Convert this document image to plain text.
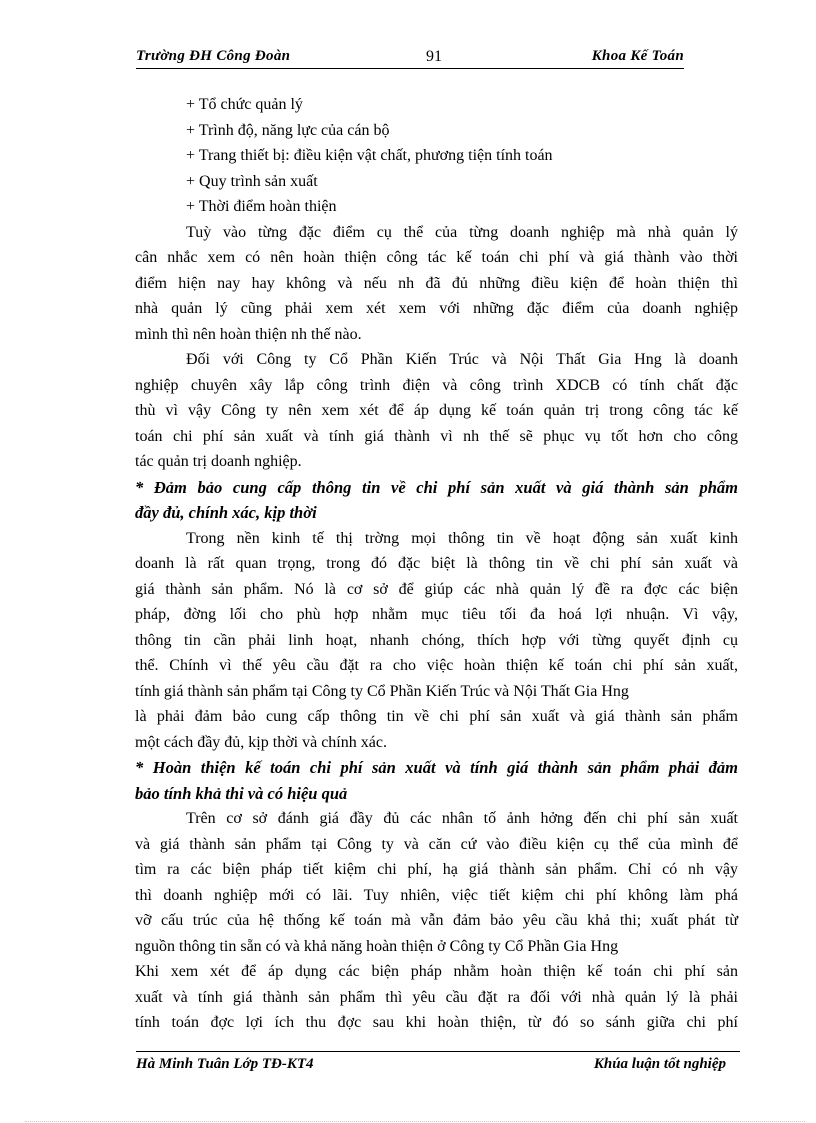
Trường ĐH Công Đoàn	91	Khoa Kế Toán
+ Tổ chức quản lý
+ Trình độ, năng lực của cán bộ
+ Trang thiết bị: điều kiện vật chất, phương tiện tính toán
+ Quy trình sản xuất
+ Thời điểm hoàn thiện
Tuỳ vào từng đặc điểm cụ thể của từng doanh nghiệp mà nhà quản lý
cân nhắc xem có nên hoàn thiện công tác kế toán chi phí và giá thành vào thời
điểm hiện nay hay không và nếu nh đã đủ những điều kiện để hoàn thiện thì
nhà quản lý cũng phải xem xét xem với những đặc điểm của doanh nghiệp
mình thì nên hoàn thiện nh thế nào.
Đối với Công ty Cổ Phần Kiến Trúc và Nội Thất Gia Hng là doanh
nghiệp chuyên xây lắp công trình điện và công trình XDCB có tính chất đặc
thù vì vậy Công ty nên xem xét để áp dụng kế toán quản trị trong công tác kế
toán chi phí sản xuất và tính giá thành vì nh thế sẽ phục vụ tốt hơn cho công
tác quản trị doanh nghiệp.
* Đảm bảo cung cấp thông tin về chi phí sản xuất và giá thành sản phẩm
đầy đủ, chính xác, kịp thời
Trong nền kinh tế thị trờng mọi thông tin về hoạt động sản xuất kinh
doanh là rất quan trọng, trong đó đặc biệt là thông tin về chi phí sản xuất và
giá thành sản phẩm. Nó là cơ sở để giúp các nhà quản lý đề ra đợc các biện
pháp, đờng lối cho phù hợp nhằm mục tiêu tối đa hoá lợi nhuận. Vì vậy,
thông tin cần phải linh hoạt, nhanh chóng, thích hợp với từng quyết định cụ
thể. Chính vì thế yêu cầu đặt ra cho việc hoàn thiện kế toán chi phí sản xuất,
tính giá thành sản phẩm tại Công ty Cổ Phần Kiến Trúc và Nội Thất Gia Hng
là phải đảm bảo cung cấp thông tin về chi phí sản xuất và giá thành sản phẩm
một cách đầy đủ, kịp thời và chính xác.
* Hoàn thiện kế toán chi phí sản xuất và tính giá thành sản phẩm phải đảm
bảo tính khả thi và có hiệu quả
Trên cơ sở đánh giá đầy đủ các nhân tố ảnh hởng đến chi phí sản xuất
và giá thành sản phẩm tại Công ty và căn cứ vào điều kiện cụ thể của mình để
tìm ra các biện pháp tiết kiệm chi phí, hạ giá thành sản phẩm. Chỉ có nh vậy
thì doanh nghiệp mới có lãi. Tuy nhiên, việc tiết kiệm chi phí không làm phá
vỡ cấu trúc của hệ thống kế toán mà vẫn đảm bảo yêu cầu khả thi; xuất phát từ
nguồn thông tin sẵn có và khả năng hoàn thiện ở Công ty Cổ Phần Gia Hng
Khi xem xét để áp dụng các biện pháp nhằm hoàn thiện kế toán chi phí sản
xuất và tính giá thành sản phẩm thì yêu cầu đặt ra đối với nhà quản lý là phải
tính toán đợc lợi ích thu đợc sau khi hoàn thiện, từ đó so sánh giữa chi phí
Hà Minh Tuân Lớp TĐ-KT4	Khúa luận tốt nghiệp
